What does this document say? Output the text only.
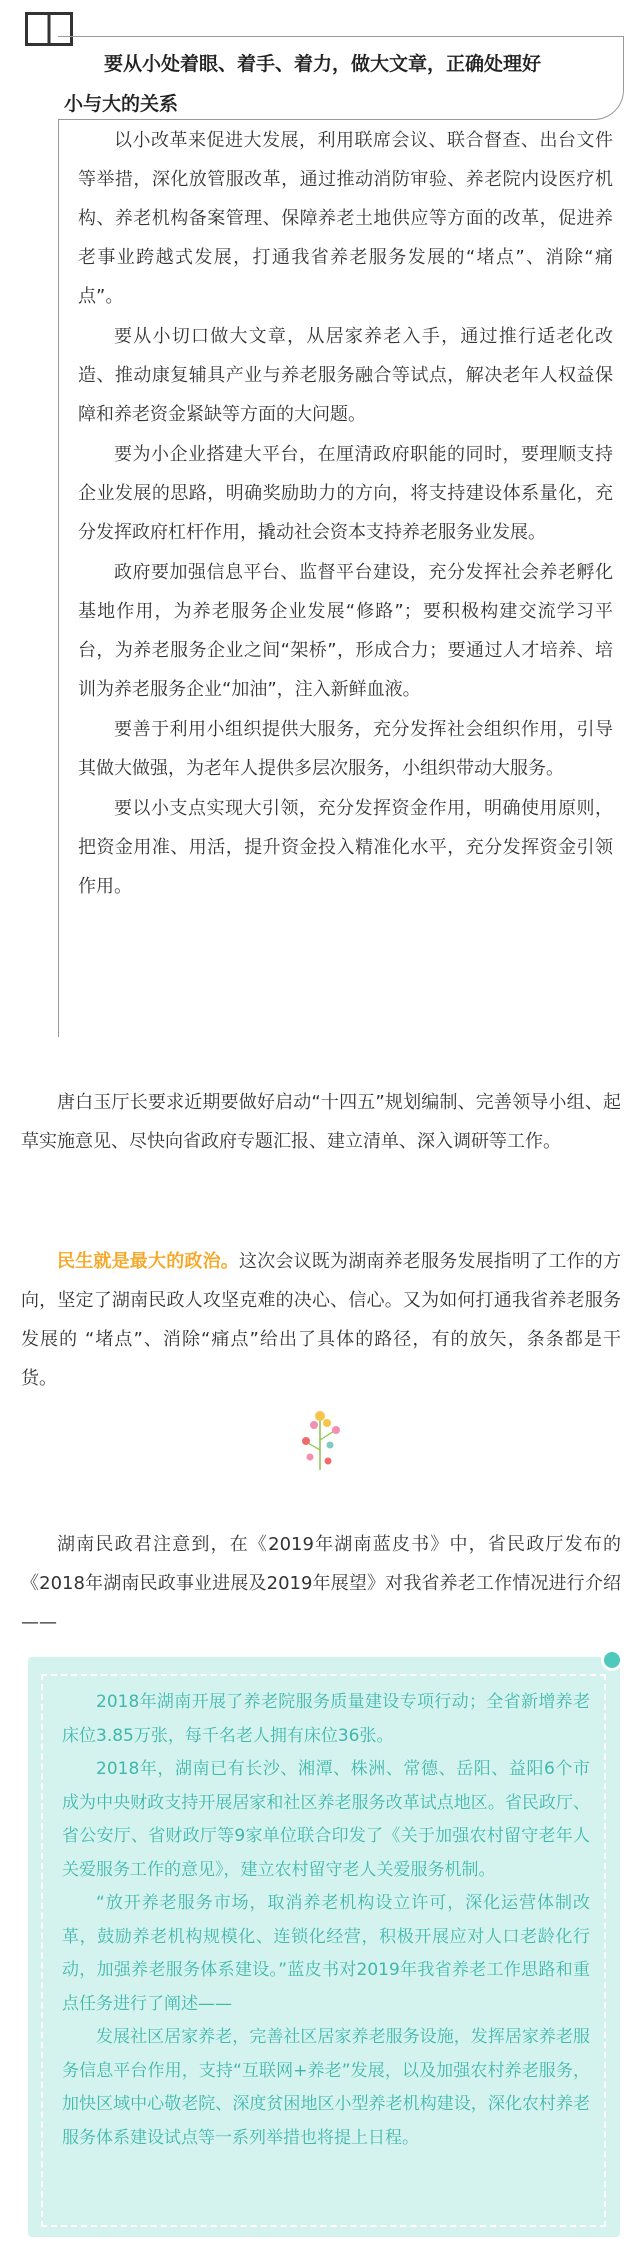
要从小处着眼、着手、着力，做大文章，正确处理好
小与大的关系

以小改革来促进大发展，利用联席会议、联合督查、出台文件等举措，深化放管服改革，通过推动消防审验、养老院内设医疗机构、养老机构备案管理、保障养老土地供应等方面的改革，促进养老事业跨越式发展，打通我省养老服务发展的“堵点”、消除“痛点”。

要从小切口做大文章，从居家养老入手，通过推行适老化改造、推动康复辅具产业与养老服务融合等试点，解决老年人权益保障和养老资金紧缺等方面的大问题。

要为小企业搭建大平台，在厘清政府职能的同时，要理顺支持企业发展的思路，明确奖励助力的方向，将支持建设体系量化，充分发挥政府杠杆作用，撬动社会资本支持养老服务业发展。

政府要加强信息平台、监督平台建设，充分发挥社会养老孵化基地作用，为养老服务企业发展“修路”；要积极构建交流学习平台，为养老服务企业之间“架桥”，形成合力；要通过人才培养、培训为养老服务企业“加油”，注入新鲜血液。

要善于利用小组织提供大服务，充分发挥社会组织作用，引导其做大做强，为老年人提供多层次服务，小组织带动大服务。

要以小支点实现大引领，充分发挥资金作用，明确使用原则，把资金用准、用活，提升资金投入精准化水平，充分发挥资金引领作用。

唐白玉厅长要求近期要做好启动“十四五”规划编制、完善领导小组、起草实施意见、尽快向省政府专题汇报、建立清单、深入调研等工作。

民生就是最大的政治。这次会议既为湖南养老服务发展指明了工作的方向，坚定了湖南民政人攻坚克难的决心、信心。又为如何打通我省养老服务发展的 “堵点”、消除“痛点”给出了具体的路径，有的放矢，条条都是干货。

湖南民政君注意到，在《2019年湖南蓝皮书》中，省民政厅发布的《2018年湖南民政事业进展及2019年展望》对我省养老工作情况进行介绍——

2018年湖南开展了养老院服务质量建设专项行动；全省新增养老床位3.85万张，每千名老人拥有床位36张。

2018年，湖南已有长沙、湘潭、株洲、常德、岳阳、益阳6个市成为中央财政支持开展居家和社区养老服务改革试点地区。省民政厅、省公安厅、省财政厅等9家单位联合印发了《关于加强农村留守老年人关爱服务工作的意见》，建立农村留守老人关爱服务机制。

“放开养老服务市场，取消养老机构设立许可，深化运营体制改革，鼓励养老机构规模化、连锁化经营，积极开展应对人口老龄化行动，加强养老服务体系建设。”蓝皮书对2019年我省养老工作思路和重点任务进行了阐述——

发展社区居家养老，完善社区居家养老服务设施，发挥居家养老服务信息平台作用，支持“互联网+养老”发展，以及加强农村养老服务，加快区域中心敬老院、深度贫困地区小型养老机构建设，深化农村养老服务体系建设试点等一系列举措也将提上日程。
